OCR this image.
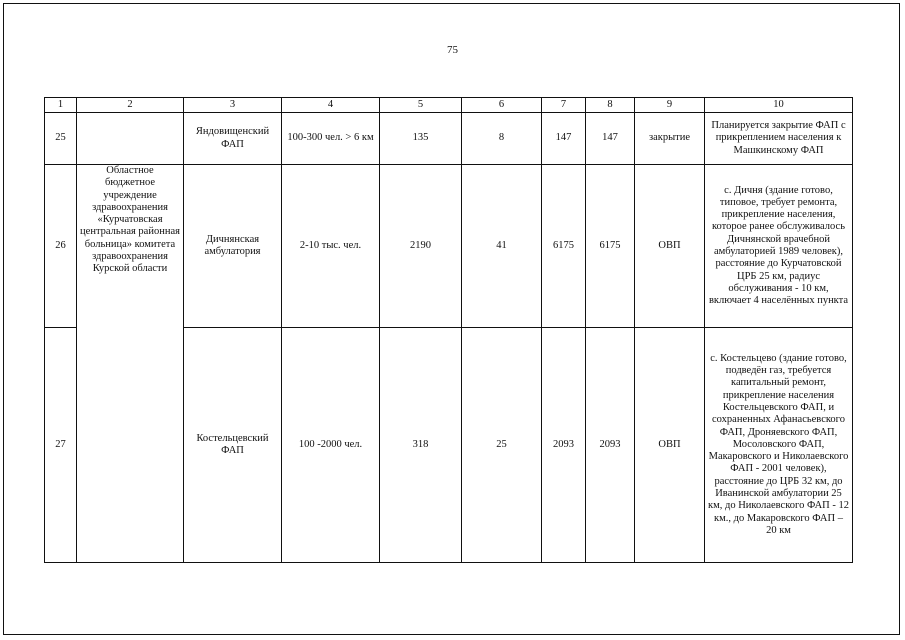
75
1	2	3	4	5	6	7	8	9	10
25		Яндовищенский ФАП	100-300 чел. > 6 км	135	8	147	147	закрытие	Планируется закрытие ФАП с прикреплением населения к Машкинскому ФАП

26	Областное бюджетное учреждение здравоохранения «Курчатовская центральная районная больница» комитета здравоохранения Курской области	Дичнянская амбулатория	2-10 тыс. чел.	2190	41	6175	6175	ОВП	с. Дичня (здание готово, типовое, требует ремонта, прикрепление населения, которое ранее обслуживалось Дичнянской врачебной амбулаторией 1989 человек), расстояние до Курчатовской ЦРБ 25 км, радиус обслуживания - 10 км, включает 4 населённых пункта

27		Костельцевский ФАП	100 -2000 чел.	318	25	2093	2093	ОВП	с. Костельцево (здание готово, подведён газ, требуется капитальный ремонт, прикрепление населения Костельцевского ФАП, и сохраненных Афанасьевского ФАП, Дроняевского ФАП, Мосоловского ФАП, Макаровского и Николаевского ФАП - 2001 человек), расстояние до ЦРБ 32 км, до Иванинской амбулатории 25 км, до Николаевского ФАП - 12 км., до Макаровского ФАП – 20 км
